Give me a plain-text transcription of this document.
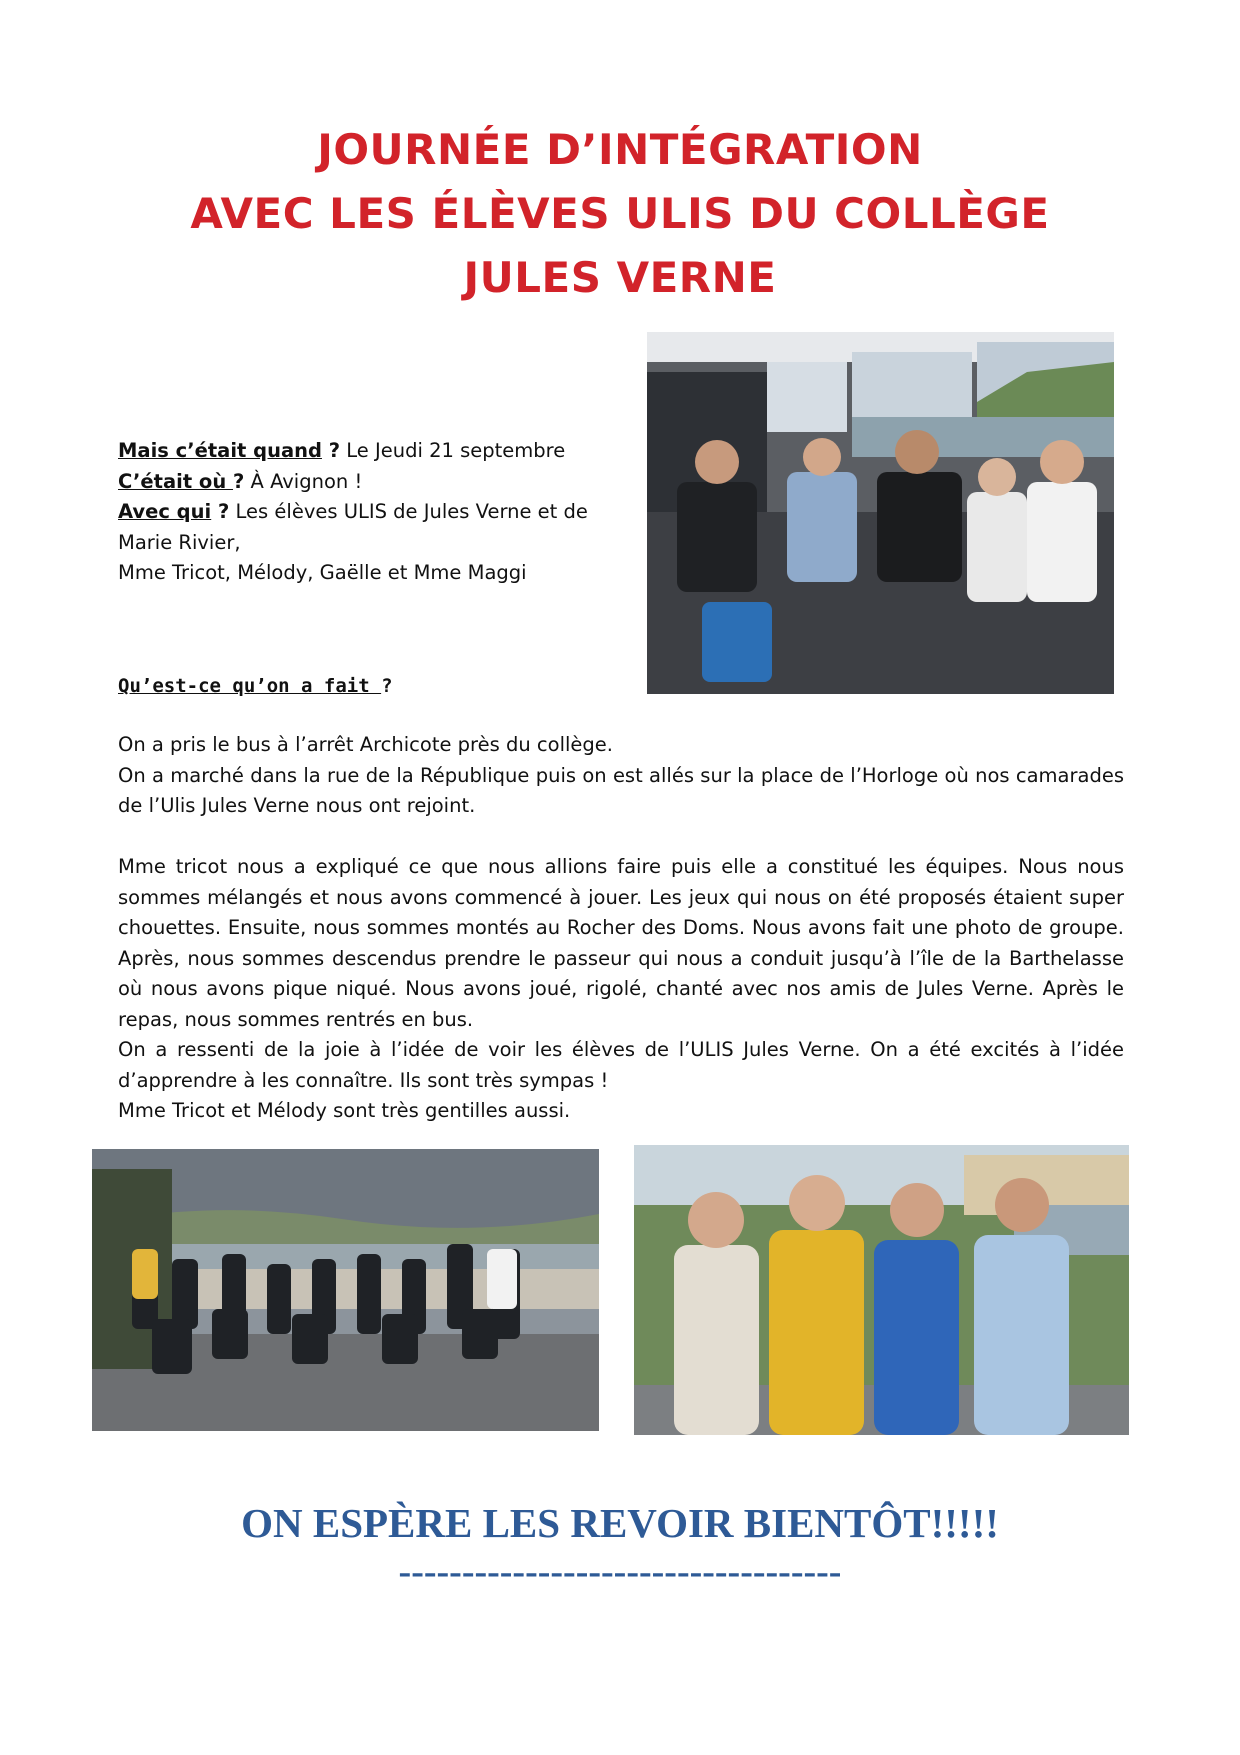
JOURNÉE D’INTÉGRATION
AVEC LES ÉLÈVES ULIS DU COLLÈGE
JULES VERNE
Mais c’était quand ? Le Jeudi 21 septembre
C’était où ? À Avignon !
Avec qui ? Les élèves ULIS de Jules Verne et de Marie Rivier,
Mme Tricot, Mélody, Gaëlle et Mme Maggi
Qu’est-ce qu’on a fait ?

On a pris le bus à l’arrêt Archicote près du collège.

On a marché dans la rue de la République puis on est allés sur la place de l’Horloge où nos camarades de l’Ulis Jules Verne nous ont rejoint.

Mme tricot nous a expliqué ce que nous allions faire puis elle a constitué les équipes. Nous nous sommes mélangés et nous avons commencé à jouer. Les jeux qui nous on été proposés étaient super chouettes. Ensuite, nous sommes montés au Rocher des Doms. Nous avons fait une photo de groupe. Après, nous sommes descendus prendre le passeur qui nous a conduit jusqu’à l’île de la Barthelasse où nous avons pique niqué. Nous avons joué, rigolé, chanté avec nos amis de Jules Verne. Après le repas, nous sommes rentrés en bus.

On a ressenti de la joie à l’idée de voir les élèves de l’ULIS Jules Verne. On a été excités à l’idée d’apprendre à les connaître. Ils sont très sympas !

Mme Tricot et Mélody sont très gentilles aussi.

ON ESPÈRE LES REVOIR BIENTÔT!!!!!
-----------------------------------
